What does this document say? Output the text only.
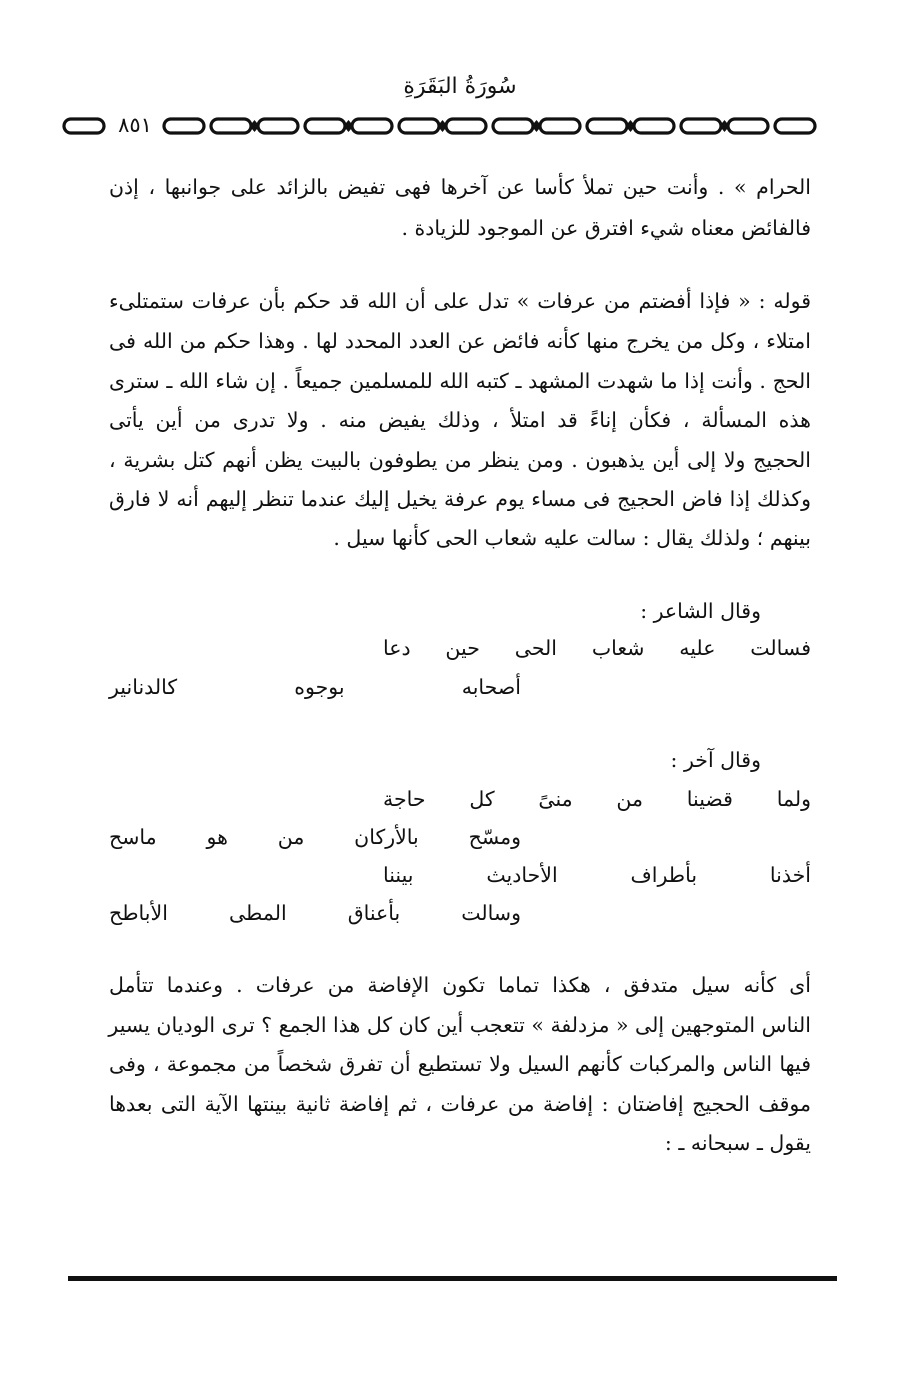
سُورَةُ البَقَرَةِ
٨٥١
الحرام » . وأنت حين تملأ كأسا عن آخرها فهى تفيض بالزائد على جوانبها ، إذن
فالفائض معناه شيء افترق عن الموجود للزيادة .
قوله : « فإذا أفضتم من عرفات » تدل على أن الله قد حكم بأن عرفات ستمتلىء
امتلاء ، وكل من يخرج منها كأنه فائض عن العدد المحدد لها . وهذا حكم من الله فى
الحج . وأنت إذا ما شهدت المشهد ـ كتبه الله للمسلمين جميعاً . إن شاء الله ـ سترى
هذه المسألة ، فكأن إناءً قد امتلأ ، وذلك يفيض منه . ولا تدرى من أين يأتى
الحجيج ولا إلى أين يذهبون . ومن ينظر من يطوفون بالبيت يظن أنهم كتل بشرية ،
وكذلك إذا فاض الحجيج فى مساء يوم عرفة يخيل إليك عندما تنظر إليهم أنه لا فارق
بينهم ؛ ولذلك يقال : سالت عليه شعاب الحى كأنها سيل .
وقال الشاعر :
فسالت عليه شعاب الحى حين دعا
أصحابه بوجوه كالدنانير
وقال آخر :
ولما قضينا من منىً كل حاجة
ومسّح بالأركان من هو ماسح
أخذنا بأطراف الأحاديث بيننا
وسالت بأعناق المطى الأباطح
أى كأنه سيل متدفق ، هكذا تماما تكون الإفاضة من عرفات . وعندما تتأمل
الناس المتوجهين إلى « مزدلفة » تتعجب أين كان كل هذا الجمع ؟ ترى الوديان يسير
فيها الناس والمركبات كأنهم السيل ولا تستطيع أن تفرق شخصاً من مجموعة ، وفى
موقف الحجيج إفاضتان : إفاضة من عرفات ، ثم إفاضة ثانية بينتها الآية التى بعدها
يقول ـ سبحانه ـ :
